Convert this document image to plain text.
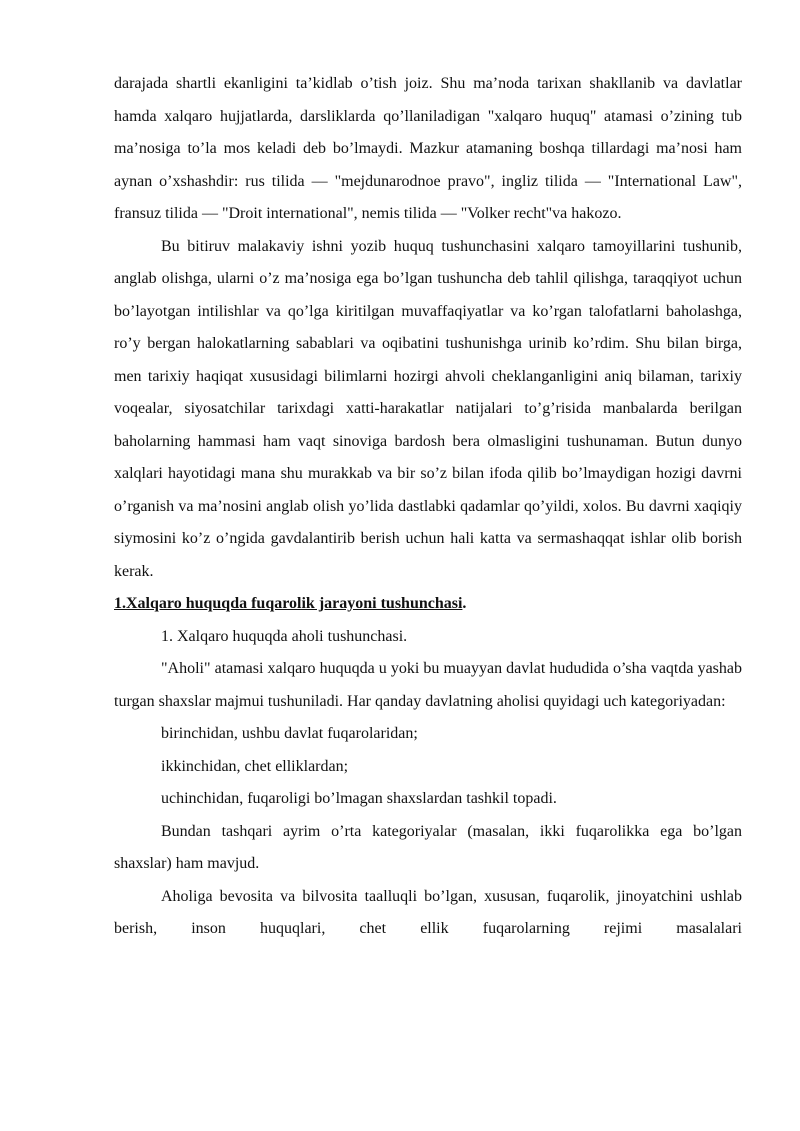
darajada shartli ekanligini ta’kidlab o’tish joiz. Shu ma’noda tarixan shakllanib va davlatlar hamda xalqaro hujjatlarda, darsliklarda qo’llaniladigan "xalqaro huquq" atamasi o’zining tub ma’nosiga to’la mos keladi deb bo’lmaydi. Mazkur atamaning boshqa tillardagi ma’nosi ham aynan o’xshashdir: rus tilida — "mejdunarodnoe pravo", ingliz tilida — "International Law", fransuz tilida — "Droit international", nemis tilida — "Volker recht"va hakozo.

Bu bitiruv malakaviy ishni yozib huquq tushunchasini xalqaro tamoyillarini tushunib, anglab olishga, ularni o’z ma’nosiga ega bo’lgan tushuncha deb tahlil qilishga, taraqqiyot uchun bo’layotgan intilishlar va qo’lga kiritilgan muvaffaqiyatlar va ko’rgan talofatlarni baholashga, ro’y bergan halokatlarning sabablari va oqibatini tushunishga urinib ko’rdim. Shu bilan birga, men tarixiy haqiqat xususidagi bilimlarni hozirgi ahvoli cheklanganligini aniq bilaman, tarixiy voqealar, siyosatchilar tarixdagi xatti-harakatlar natijalari to’g’risida manbalarda berilgan baholarning hammasi ham vaqt sinoviga bardosh bera olmasligini tushunaman. Butun dunyo xalqlari hayotidagi mana shu murakkab va bir so’z bilan ifoda qilib bo’lmaydigan hozigi davrni o’rganish va ma’nosini anglab olish yo’lida dastlabki qadamlar qo’yildi, xolos. Bu davrni xaqiqiy siymosini ko’z o’ngida gavdalantirib berish uchun hali katta va sermashaqqat ishlar olib borish kerak.

1.Xalqaro huquqda fuqarolik jarayoni tushunchasi.

1. Xalqaro huquqda aholi tushunchasi.

"Aholi" atamasi xalqaro huquqda u yoki bu muayyan davlat hududida o’sha vaqtda yashab turgan shaxslar majmui tushuniladi. Har qanday davlatning aholisi quyidagi uch kategoriyadan:

birinchidan, ushbu davlat fuqarolaridan;

ikkinchidan, chet elliklardan;

uchinchidan, fuqaroligi bo’lmagan shaxslardan tashkil topadi.

Bundan tashqari ayrim o’rta kategoriyalar (masalan, ikki fuqarolikka ega bo’lgan shaxslar) ham mavjud.

Aholiga bevosita va bilvosita taalluqli bo’lgan, xususan, fuqarolik, jinoyatchini ushlab berish, inson huquqlari, chet ellik fuqarolarning rejimi masalalari
